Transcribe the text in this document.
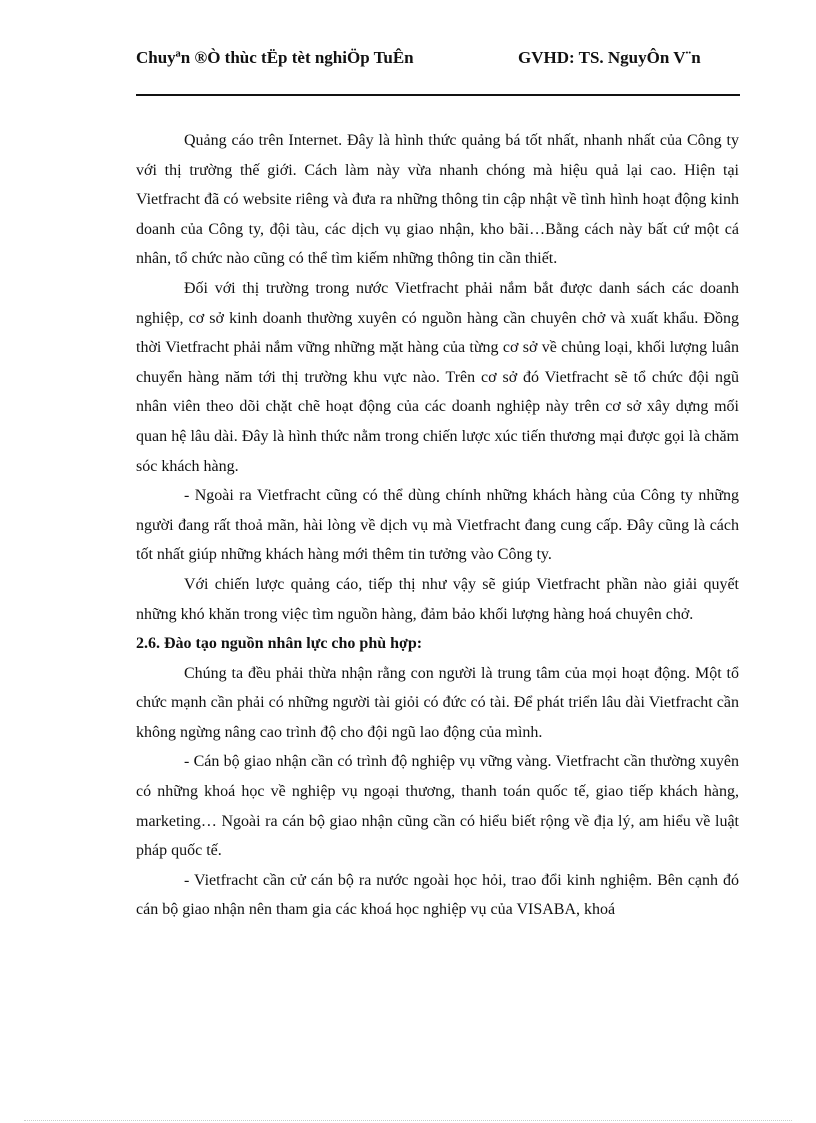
Chuyªn ®Ò thùc tËp tèt nghiÖp TuÊn	GVHD: TS. NguyÔn V¨n

Quảng cáo trên Internet. Đây là hình thức quảng bá tốt nhất, nhanh nhất của Công ty với thị trường thế giới. Cách làm này vừa nhanh chóng mà hiệu quả lại cao. Hiện tại Vietfracht đã có website riêng và đưa ra những thông tin cập nhật về tình hình hoạt động kinh doanh của Công ty, đội tàu, các dịch vụ giao nhận, kho bãi…Bằng cách này bất cứ một cá nhân, tổ chức nào cũng có thể tìm kiếm những thông tin cần thiết.

Đối với thị trường trong nước Vietfracht phải nắm bắt được danh sách các doanh nghiệp, cơ sở kinh doanh thường xuyên có nguồn hàng cần chuyên chở và xuất khẩu. Đồng thời Vietfracht phải nắm vững những mặt hàng của từng cơ sở về chủng loại, khối lượng luân chuyển hàng năm tới thị trường khu vực nào. Trên cơ sở đó Vietfracht sẽ tổ chức đội ngũ nhân viên theo dõi chặt chẽ hoạt động của các doanh nghiệp này trên cơ sở xây dựng mối quan hệ lâu dài. Đây là hình thức nằm trong chiến lược xúc tiến thương mại được gọi là chăm sóc khách hàng.

- Ngoài ra Vietfracht cũng có thể dùng chính những khách hàng của Công ty những người đang rất thoả mãn, hài lòng về dịch vụ mà Vietfracht đang cung cấp. Đây cũng là cách tốt nhất giúp những khách hàng mới thêm tin tưởng vào Công ty.

Với chiến lược quảng cáo, tiếp thị như vậy sẽ giúp Vietfracht phần nào giải quyết những khó khăn trong việc tìm nguồn hàng, đảm bảo khối lượng hàng hoá chuyên chở.

2.6. Đào tạo nguồn nhân lực cho phù hợp:

Chúng ta đều phải thừa nhận rằng con người là trung tâm của mọi hoạt động. Một tổ chức mạnh cần phải có những người tài giỏi có đức có tài. Để phát triển lâu dài Vietfracht cần không ngừng nâng cao trình độ cho đội ngũ lao động của mình.

- Cán bộ giao nhận cần có trình độ nghiệp vụ vững vàng. Vietfracht cần thường xuyên có những khoá học về nghiệp vụ ngoại thương, thanh toán quốc tế, giao tiếp khách hàng, marketing… Ngoài ra cán bộ giao nhận cũng cần có hiểu biết rộng về địa lý, am hiểu về luật pháp quốc tế.

- Vietfracht cần cử cán bộ ra nước ngoài học hỏi, trao đổi kinh nghiệm. Bên cạnh đó cán bộ giao nhận nên tham gia các khoá học nghiệp vụ của VISABA, khoá
